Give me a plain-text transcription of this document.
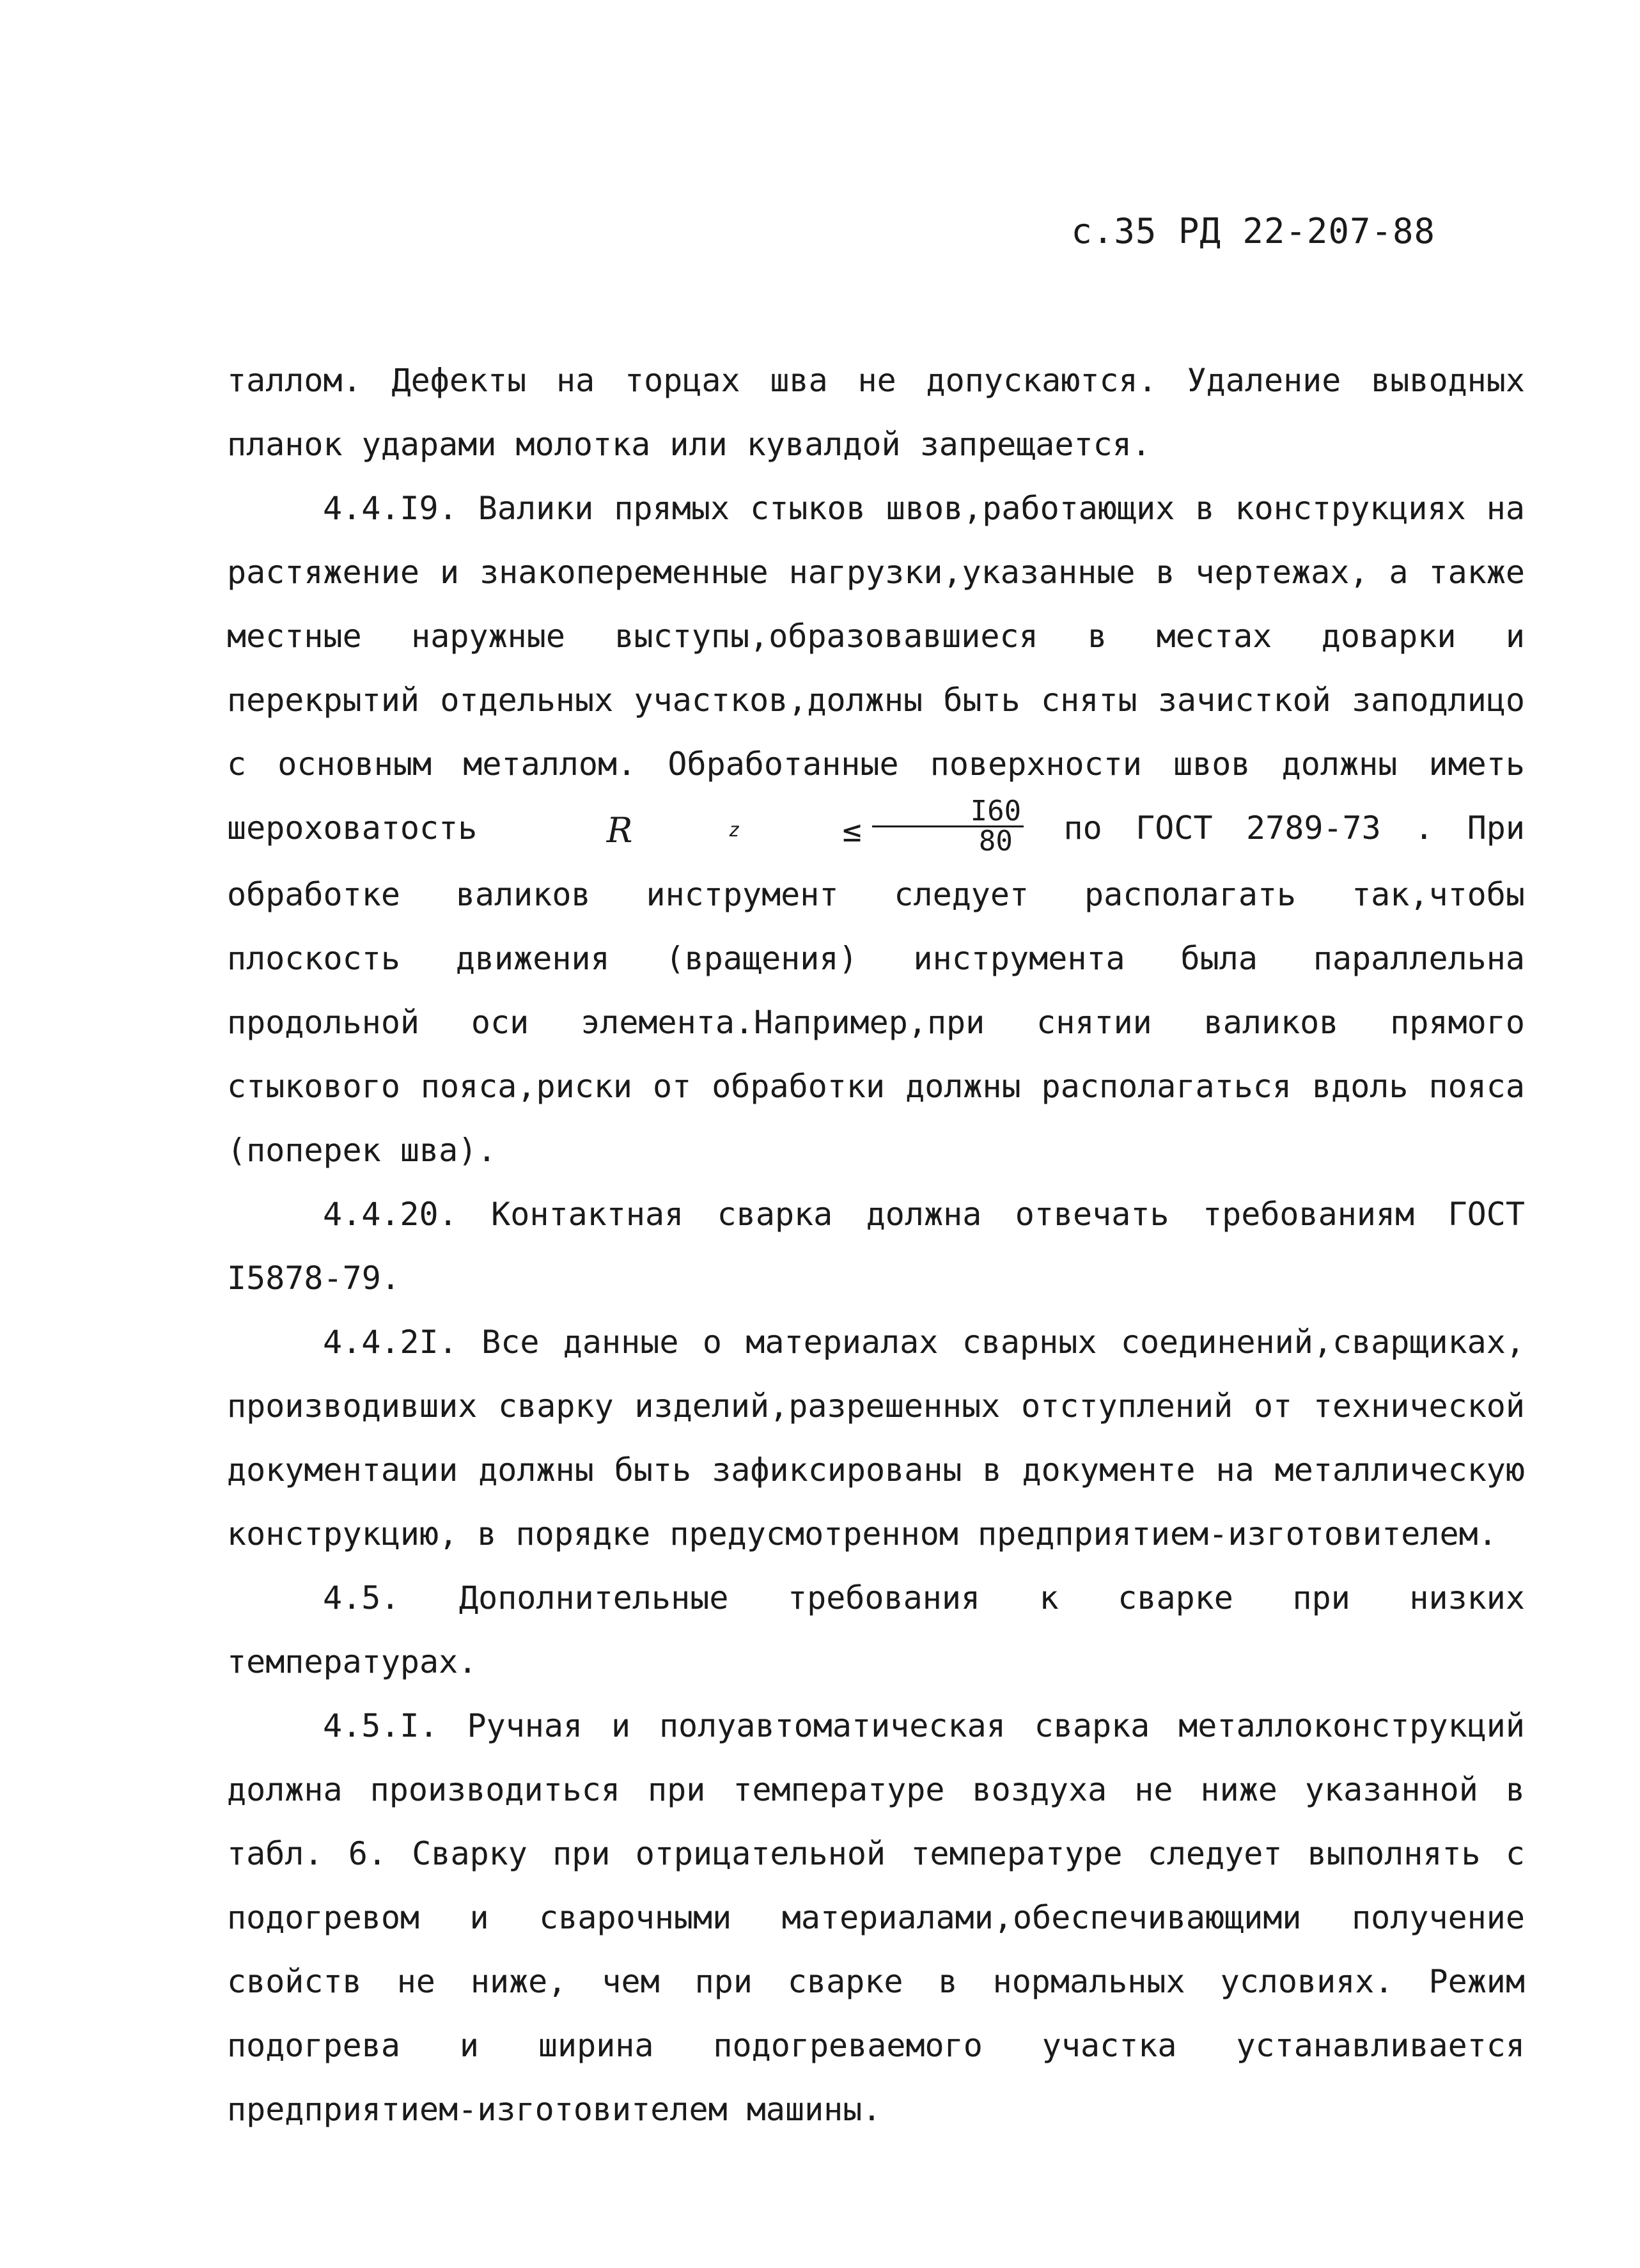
с.35 РД 22-207-88

таллом. Дефекты на торцах шва не допускаются. Удаление выводных планок ударами молотка или кувалдой запрещается.

4.4.I9. Валики прямых стыков швов,работающих в конструкциях на растяжение и знакопеременные нагрузки,указанные в чертежах, а также местные наружные выступы,образовавшиеся в местах доварки и перекрытий отдельных участков,должны быть сняты зачисткой заподлицо с основным металлом. Обработанные поверхности швов должны иметь шероховатость	R	z	≤ $\frac{I60}{80}$ по ГОСТ 2789-73 . При обработке валиков инструмент следует располагать так,чтобы плоскость движения (вращения) инструмента была параллельна продольной оси элемента.Например,при снятии валиков прямого стыкового пояса,риски от обработки должны располагаться вдоль пояса (поперек шва).

4.4.20. Контактная сварка должна отвечать требованиям ГОСТ I5878-79.

4.4.2I. Все данные о материалах сварных соединений,сварщиках, производивших сварку изделий,разрешенных отступлений от технической документации должны быть зафиксированы в документе на металлическую конструкцию, в порядке предусмотренном предприятием-изготовителем.

4.5. Дополнительные требования к сварке при низких температурах.

4.5.I. Ручная и полуавтоматическая сварка металлоконструкций должна производиться при температуре воздуха не ниже указанной в табл. 6. Сварку при отрицательной температуре следует выполнять с подогревом и сварочными материалами,обеспечивающими получение свойств не ниже, чем при сварке в нормальных условиях. Режим подогрева и ширина подогреваемого участка устанавливается предприятием-изготовителем машины.
